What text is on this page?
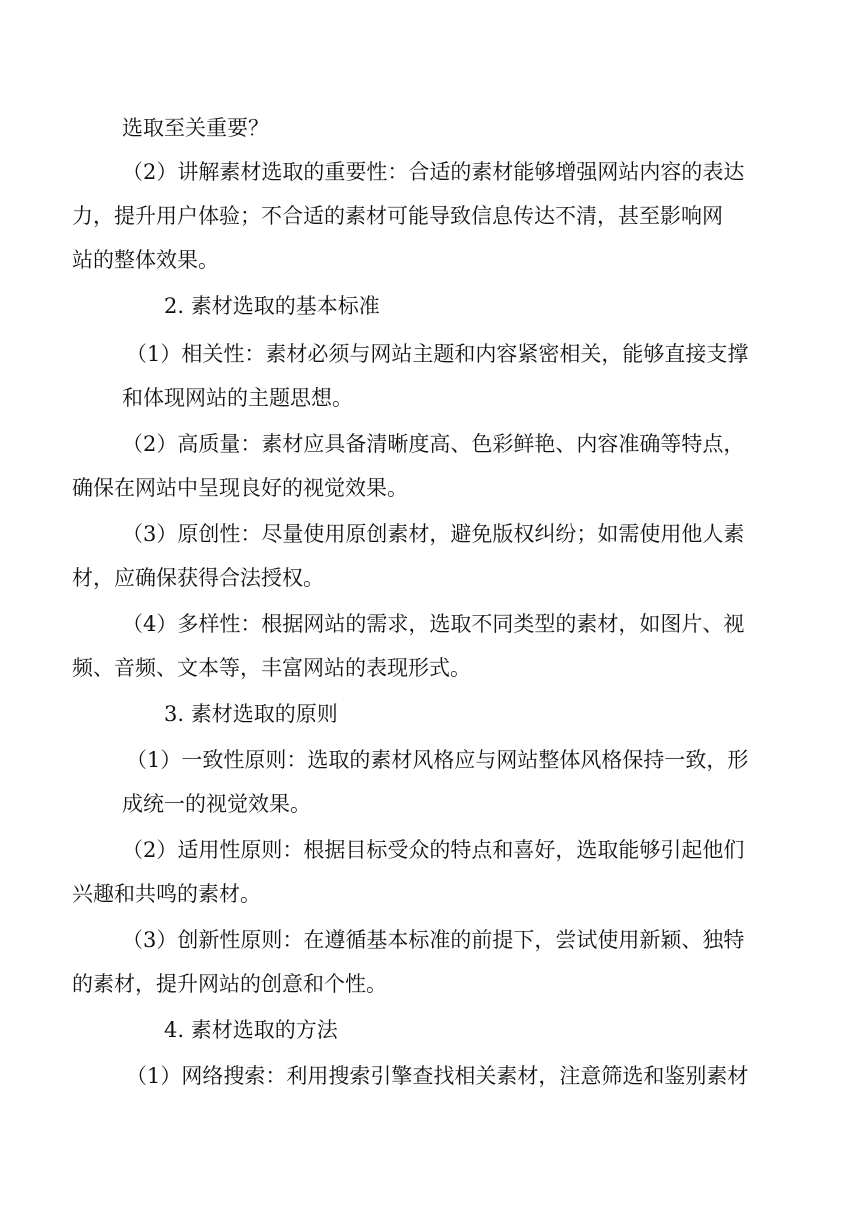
选取至关重要？
（2）讲解素材选取的重要性：合适的素材能够增强网站内容的表达
力，提升用户体验；不合适的素材可能导致信息传达不清，甚至影响网
站的整体效果。
2. 素材选取的基本标准
（1）相关性：素材必须与网站主题和内容紧密相关，能够直接支撑
和体现网站的主题思想。
（2）高质量：素材应具备清晰度高、色彩鲜艳、内容准确等特点，
确保在网站中呈现良好的视觉效果。
（3）原创性：尽量使用原创素材，避免版权纠纷；如需使用他人素
材，应确保获得合法授权。
（4）多样性：根据网站的需求，选取不同类型的素材，如图片、视
频、音频、文本等，丰富网站的表现形式。
3. 素材选取的原则
（1）一致性原则：选取的素材风格应与网站整体风格保持一致，形
成统一的视觉效果。
（2）适用性原则：根据目标受众的特点和喜好，选取能够引起他们
兴趣和共鸣的素材。
（3）创新性原则：在遵循基本标准的前提下，尝试使用新颖、独特
的素材，提升网站的创意和个性。
4. 素材选取的方法
（1）网络搜索：利用搜索引擎查找相关素材，注意筛选和鉴别素材
